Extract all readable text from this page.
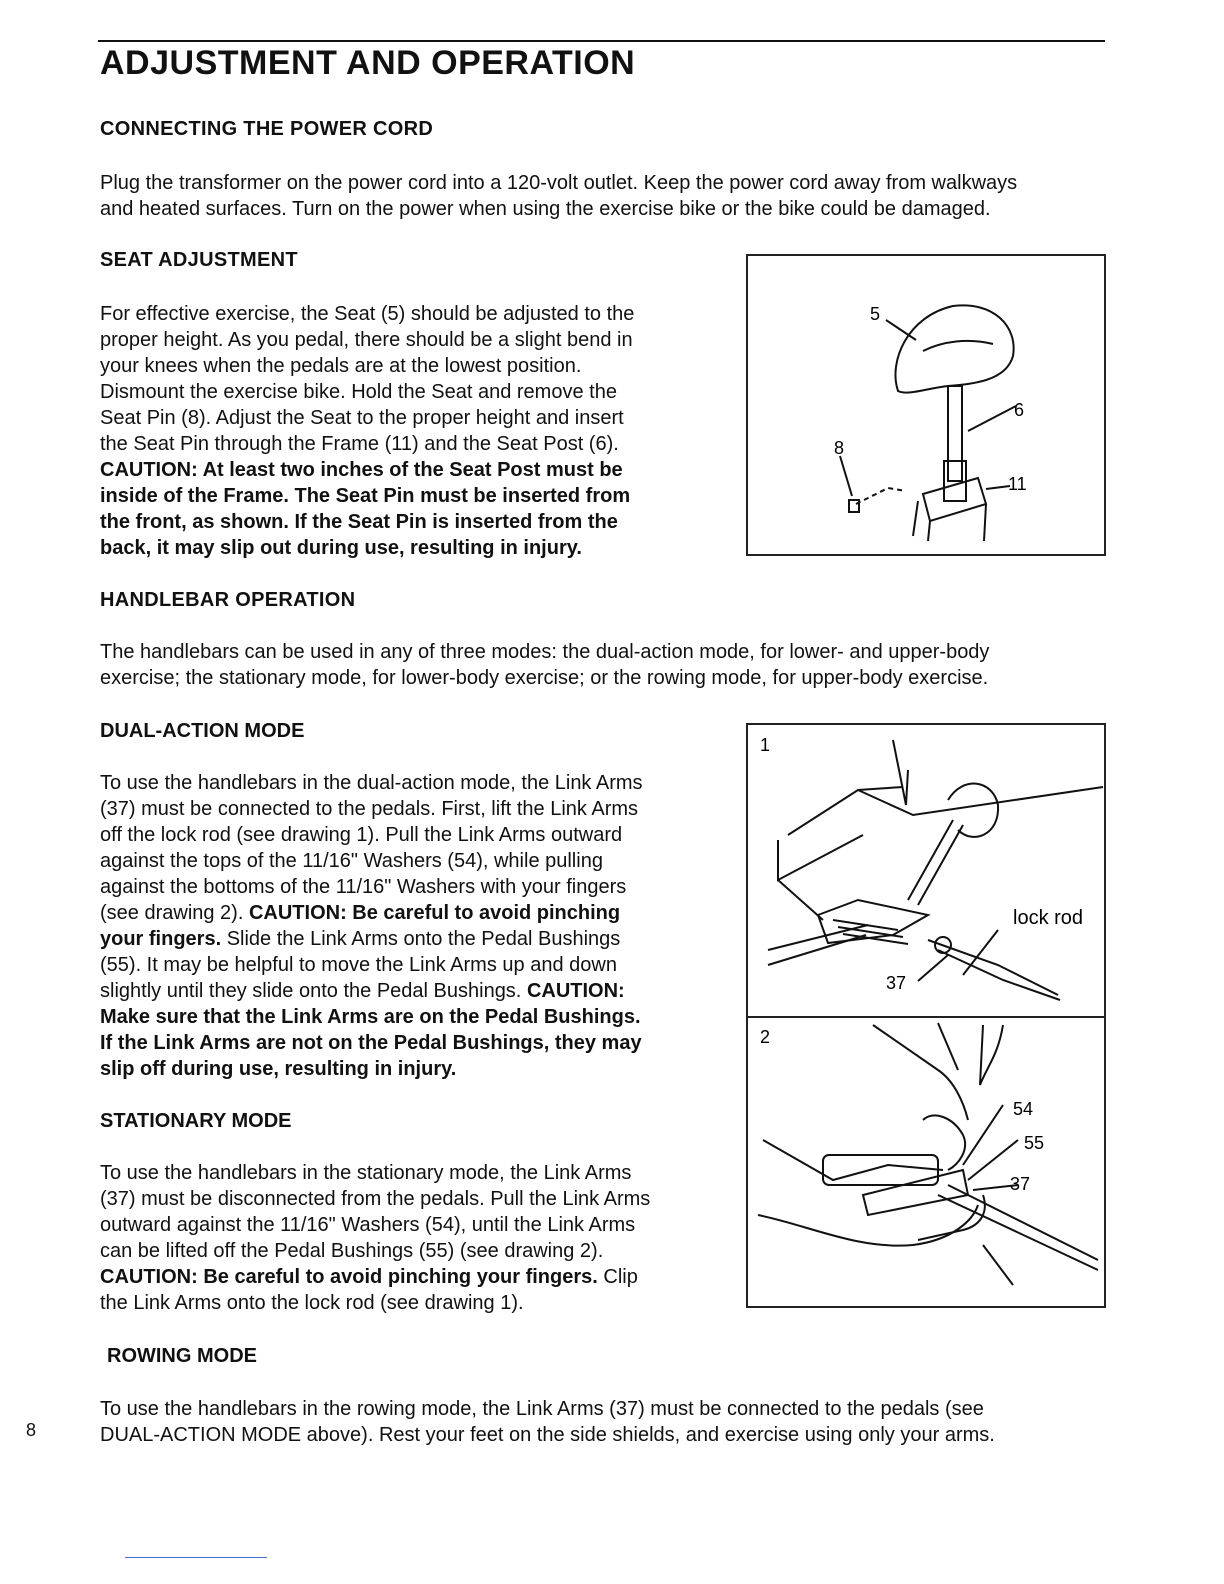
ADJUSTMENT AND OPERATION
CONNECTING THE POWER CORD

Plug the transformer on the power cord into a 120-volt outlet. Keep the power cord away from walkways

and heated surfaces. Turn on the power when using the exercise bike or the bike could be damaged.

SEAT ADJUSTMENT

For effective exercise, the Seat (5) should be adjusted to the

proper height. As you pedal, there should be a slight bend in

your knees when the pedals are at the lowest position.

Dismount the exercise bike. Hold the Seat and remove the

Seat Pin (8). Adjust the Seat to the proper height and insert

the Seat Pin through the Frame (11) and the Seat Post (6).

CAUTION: At least two inches of the Seat Post must be

inside of the Frame. The Seat Pin must be inserted from

the front, as shown. If the Seat Pin is inserted from the

back, it may slip out during use, resulting in injury.

5
6
8
11
HANDLEBAR OPERATION

The handlebars can be used in any of three modes: the dual-action mode, for lower- and upper-body

exercise; the stationary mode, for lower-body exercise; or the rowing mode, for upper-body exercise.

DUAL-ACTION MODE

To use the handlebars in the dual-action mode, the Link Arms

(37) must be connected to the pedals. First, lift the Link Arms

off the lock rod (see drawing 1). Pull the Link Arms outward

against the tops of the 11/16" Washers (54), while pulling

against the bottoms of the 11/16" Washers with your fingers

(see drawing 2). CAUTION: Be careful to avoid pinching

your fingers. Slide the Link Arms onto the Pedal Bushings

(55). It may be helpful to move the Link Arms up and down

slightly until they slide onto the Pedal Bushings. CAUTION:

Make sure that the Link Arms are on the Pedal Bushings.

If the Link Arms are not on the Pedal Bushings, they may

slip off during use, resulting in injury.

STATIONARY MODE

To use the handlebars in the stationary mode, the Link Arms

(37) must be disconnected from the pedals. Pull the Link Arms

outward against the 11/16" Washers (54), until the Link Arms

can be lifted off the Pedal Bushings (55) (see drawing 2).

CAUTION: Be careful to avoid pinching your fingers. Clip

the Link Arms onto the lock rod (see drawing 1).

1
lock rod
37
2
54
55
37
ROWING MODE

To use the handlebars in the rowing mode, the Link Arms (37) must be connected to the pedals (see

DUAL-ACTION MODE above). Rest your feet on the side shields, and exercise using only your arms.

8
